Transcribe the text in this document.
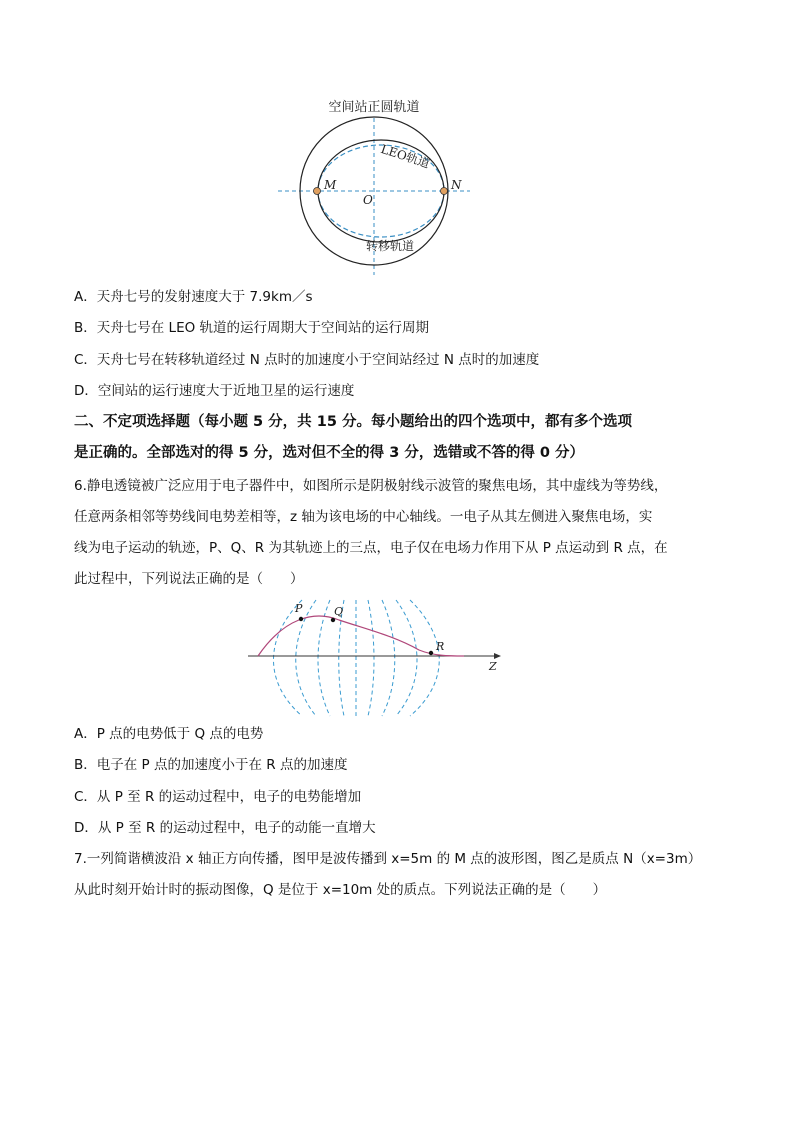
空间站正圆轨道
M	N
O
LEO轨道
转移轨道
A．天舟七号的发射速度大于 7.9km／s
B．天舟七号在 LEO 轨道的运行周期大于空间站的运行周期
C．天舟七号在转移轨道经过 N 点时的加速度小于空间站经过 N 点时的加速度
D．空间站的运行速度大于近地卫星的运行速度
二、不定项选择题（每小题 5 分，共 15 分。每小题给出的四个选项中，都有多个选项
是正确的。全部选对的得 5 分，选对但不全的得 3 分，选错或不答的得 0 分）
6.静电透镜被广泛应用于电子器件中，如图所示是阴极射线示波管的聚焦电场，其中虚线为等势线，
任意两条相邻等势线间电势差相等，z 轴为该电场的中心轴线。一电子从其左侧进入聚焦电场，实
线为电子运动的轨迹，P、Q、R 为其轨迹上的三点，电子仅在电场力作用下从 P 点运动到 R 点，在
此过程中，下列说法正确的是（　　）
Z
P	Q
R
A．P 点的电势低于 Q 点的电势
B．电子在 P 点的加速度小于在 R 点的加速度
C．从 P 至 R 的运动过程中，电子的电势能增加
D．从 P 至 R 的运动过程中，电子的动能一直增大
7.一列简谐横波沿 x 轴正方向传播，图甲是波传播到 x=5m 的 M 点的波形图，图乙是质点 N（x=3m）
从此时刻开始计时的振动图像，Q 是位于 x=10m 处的质点。下列说法正确的是（　　）
